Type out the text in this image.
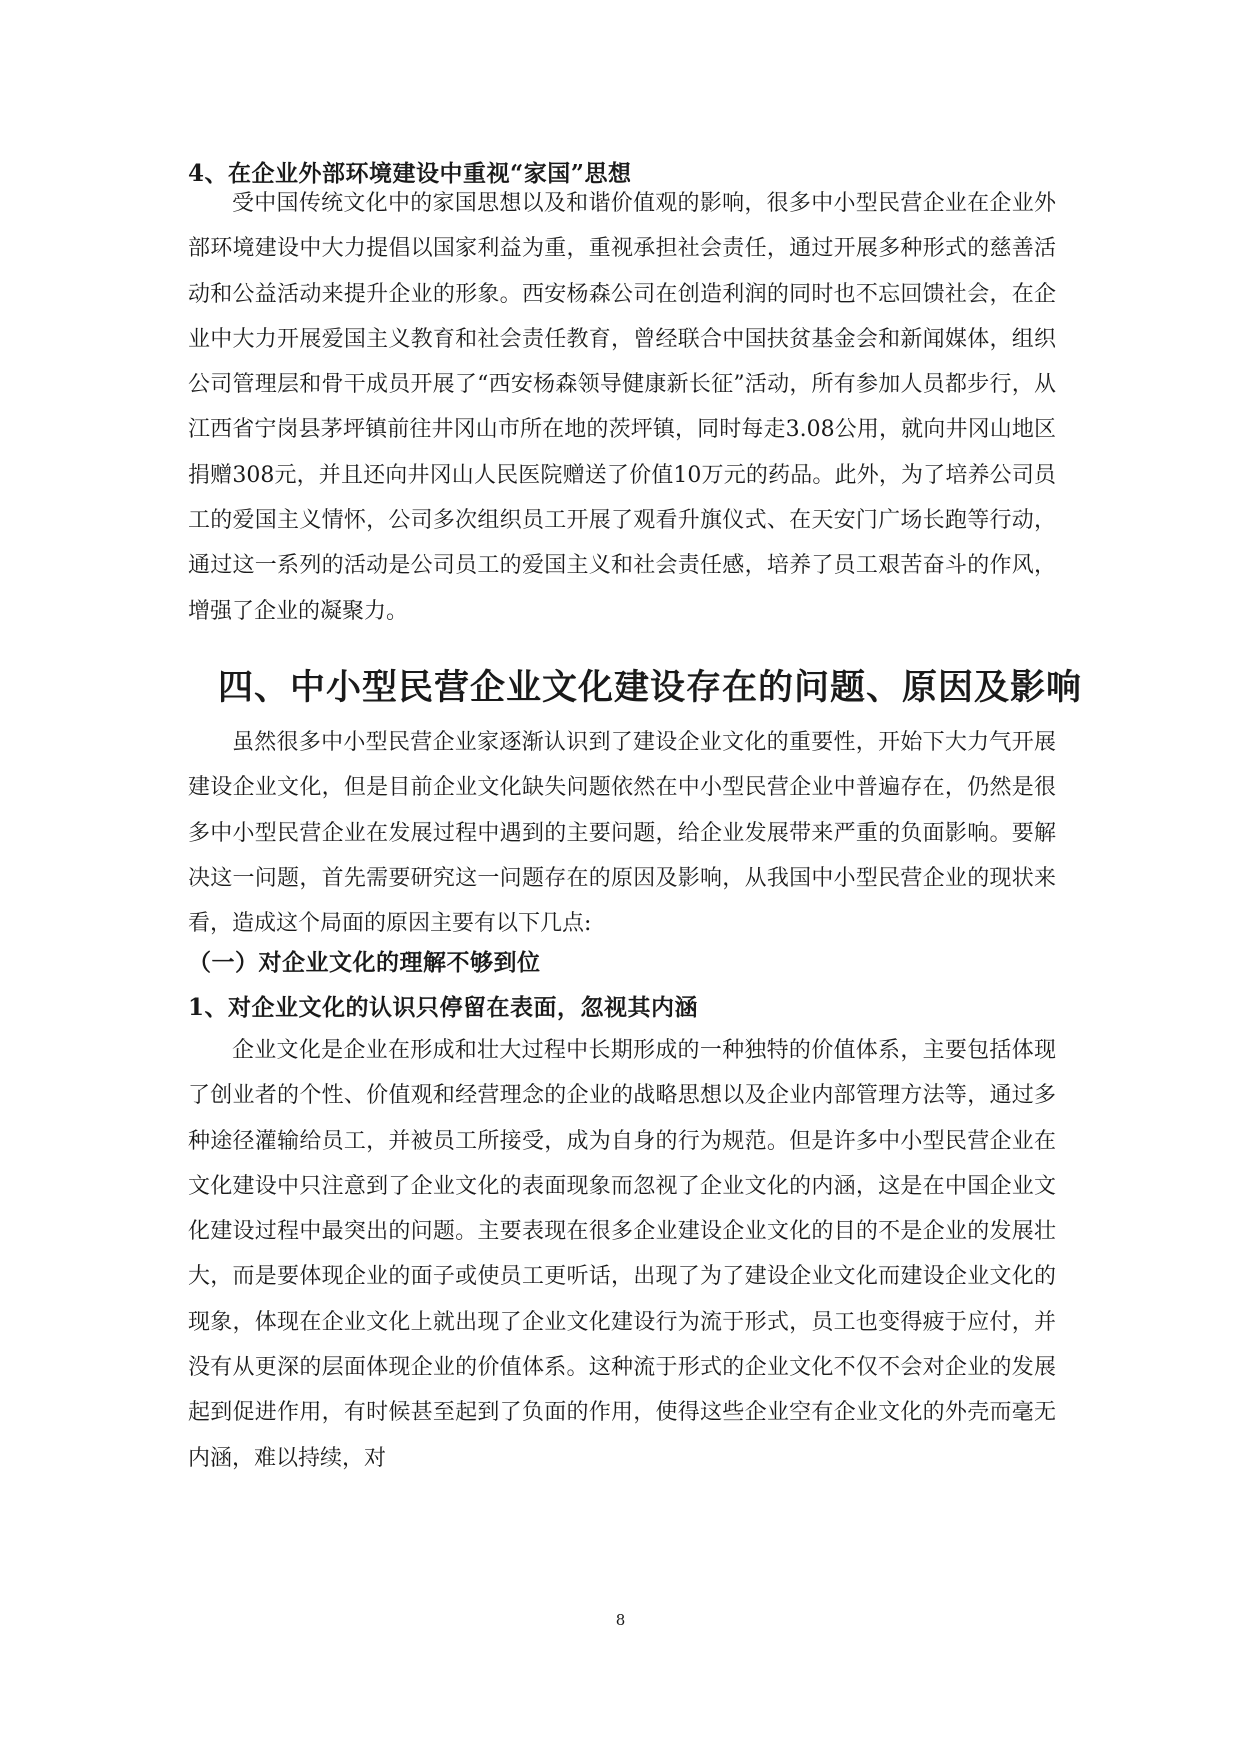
4、在企业外部环境建设中重视“家国”思想

受中国传统文化中的家国思想以及和谐价值观的影响，很多中小型民营企业在企业外部环境建设中大力提倡以国家利益为重，重视承担社会责任，通过开展多种形式的慈善活动和公益活动来提升企业的形象。西安杨森公司在创造利润的同时也不忘回馈社会，在企业中大力开展爱国主义教育和社会责任教育，曾经联合中国扶贫基金会和新闻媒体，组织公司管理层和骨干成员开展了“西安杨森领导健康新长征”活动，所有参加人员都步行，从江西省宁岗县茅坪镇前往井冈山市所在地的茨坪镇，同时每走3.08公用，就向井冈山地区捐赠308元，并且还向井冈山人民医院赠送了价值10万元的药品。此外，为了培养公司员工的爱国主义情怀，公司多次组织员工开展了观看升旗仪式、在天安门广场长跑等行动，通过这一系列的活动是公司员工的爱国主义和社会责任感，培养了员工艰苦奋斗的作风，增强了企业的凝聚力。

四、中小型民营企业文化建设存在的问题、原因及影响

虽然很多中小型民营企业家逐渐认识到了建设企业文化的重要性，开始下大力气开展建设企业文化，但是目前企业文化缺失问题依然在中小型民营企业中普遍存在，仍然是很多中小型民营企业在发展过程中遇到的主要问题，给企业发展带来严重的负面影响。要解决这一问题，首先需要研究这一问题存在的原因及影响，从我国中小型民营企业的现状来看，造成这个局面的原因主要有以下几点:

（一）对企业文化的理解不够到位
1、对企业文化的认识只停留在表面，忽视其内涵

企业文化是企业在形成和壮大过程中长期形成的一种独特的价值体系，主要包括体现了创业者的个性、价值观和经营理念的企业的战略思想以及企业内部管理方法等，通过多种途径灌输给员工，并被员工所接受，成为自身的行为规范。但是许多中小型民营企业在文化建设中只注意到了企业文化的表面现象而忽视了企业文化的内涵，这是在中国企业文化建设过程中最突出的问题。主要表现在很多企业建设企业文化的目的不是企业的发展壮大，而是要体现企业的面子或使员工更听话，出现了为了建设企业文化而建设企业文化的现象，体现在企业文化上就出现了企业文化建设行为流于形式，员工也变得疲于应付，并没有从更深的层面体现企业的价值体系。这种流于形式的企业文化不仅不会对企业的发展起到促进作用，有时候甚至起到了负面的作用，使得这些企业空有企业文化的外壳而毫无内涵，难以持续，对

8
